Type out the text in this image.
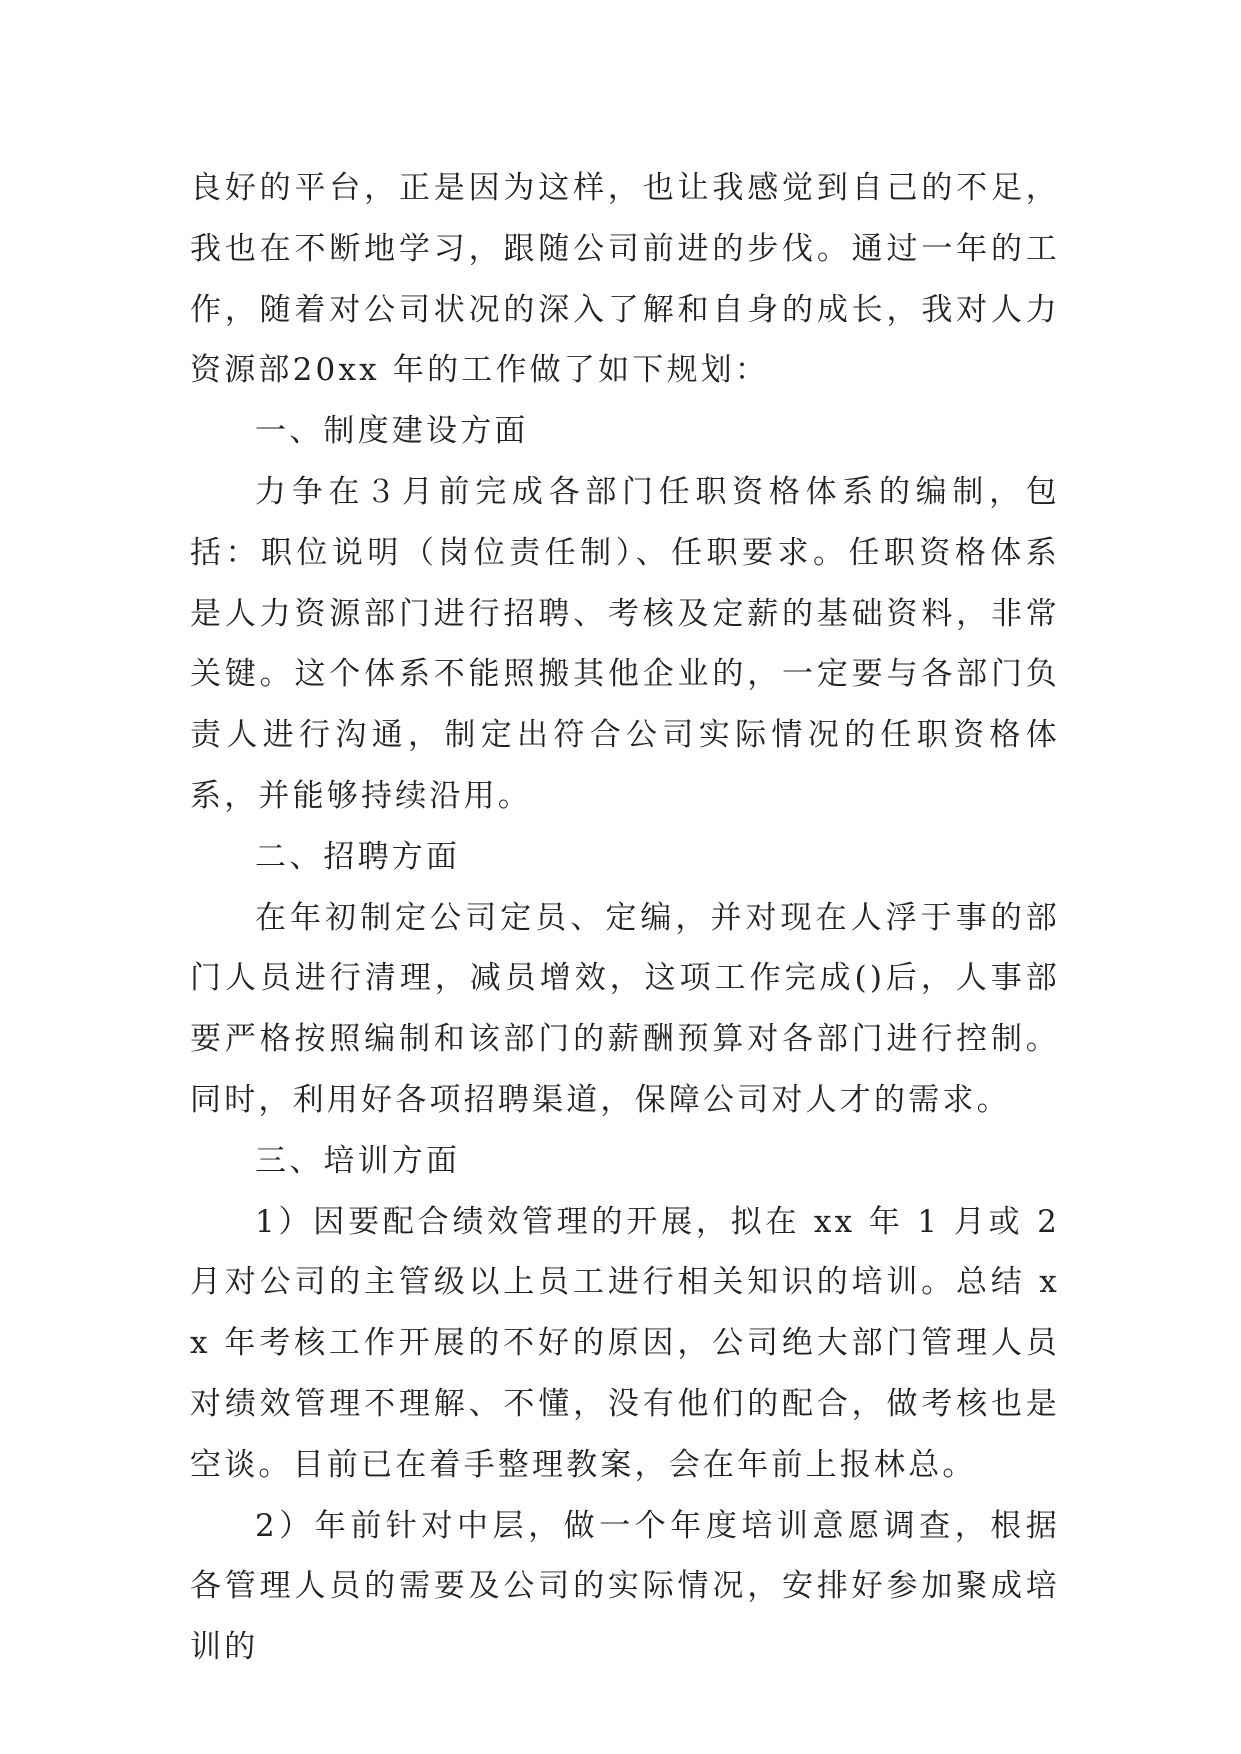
良好的平台，正是因为这样，也让我感觉到自己的不足，我也在不断地学习，跟随公司前进的步伐。通过一年的工作，随着对公司状况的深入了解和自身的成长，我对人力资源部20xx 年的工作做了如下规划：

一、制度建设方面

力争在３月前完成各部门任职资格体系的编制，包括：职位说明（岗位责任制）、任职要求。任职资格体系是人力资源部门进行招聘、考核及定薪的基础资料，非常关键。这个体系不能照搬其他企业的，一定要与各部门负责人进行沟通，制定出符合公司实际情况的任职资格体系，并能够持续沿用。

二、招聘方面

在年初制定公司定员、定编，并对现在人浮于事的部门人员进行清理，减员增效，这项工作完成()后，人事部要严格按照编制和该部门的薪酬预算对各部门进行控制。同时，利用好各项招聘渠道，保障公司对人才的需求。

三、培训方面

1）因要配合绩效管理的开展，拟在 xx 年 1 月或 2 月对公司的主管级以上员工进行相关知识的培训。总结 xx 年考核工作开展的不好的原因，公司绝大部门管理人员对绩效管理不理解、不懂，没有他们的配合，做考核也是空谈。目前已在着手整理教案，会在年前上报林总。

2）年前针对中层，做一个年度培训意愿调查，根据各管理人员的需要及公司的实际情况，安排好参加聚成培训的
